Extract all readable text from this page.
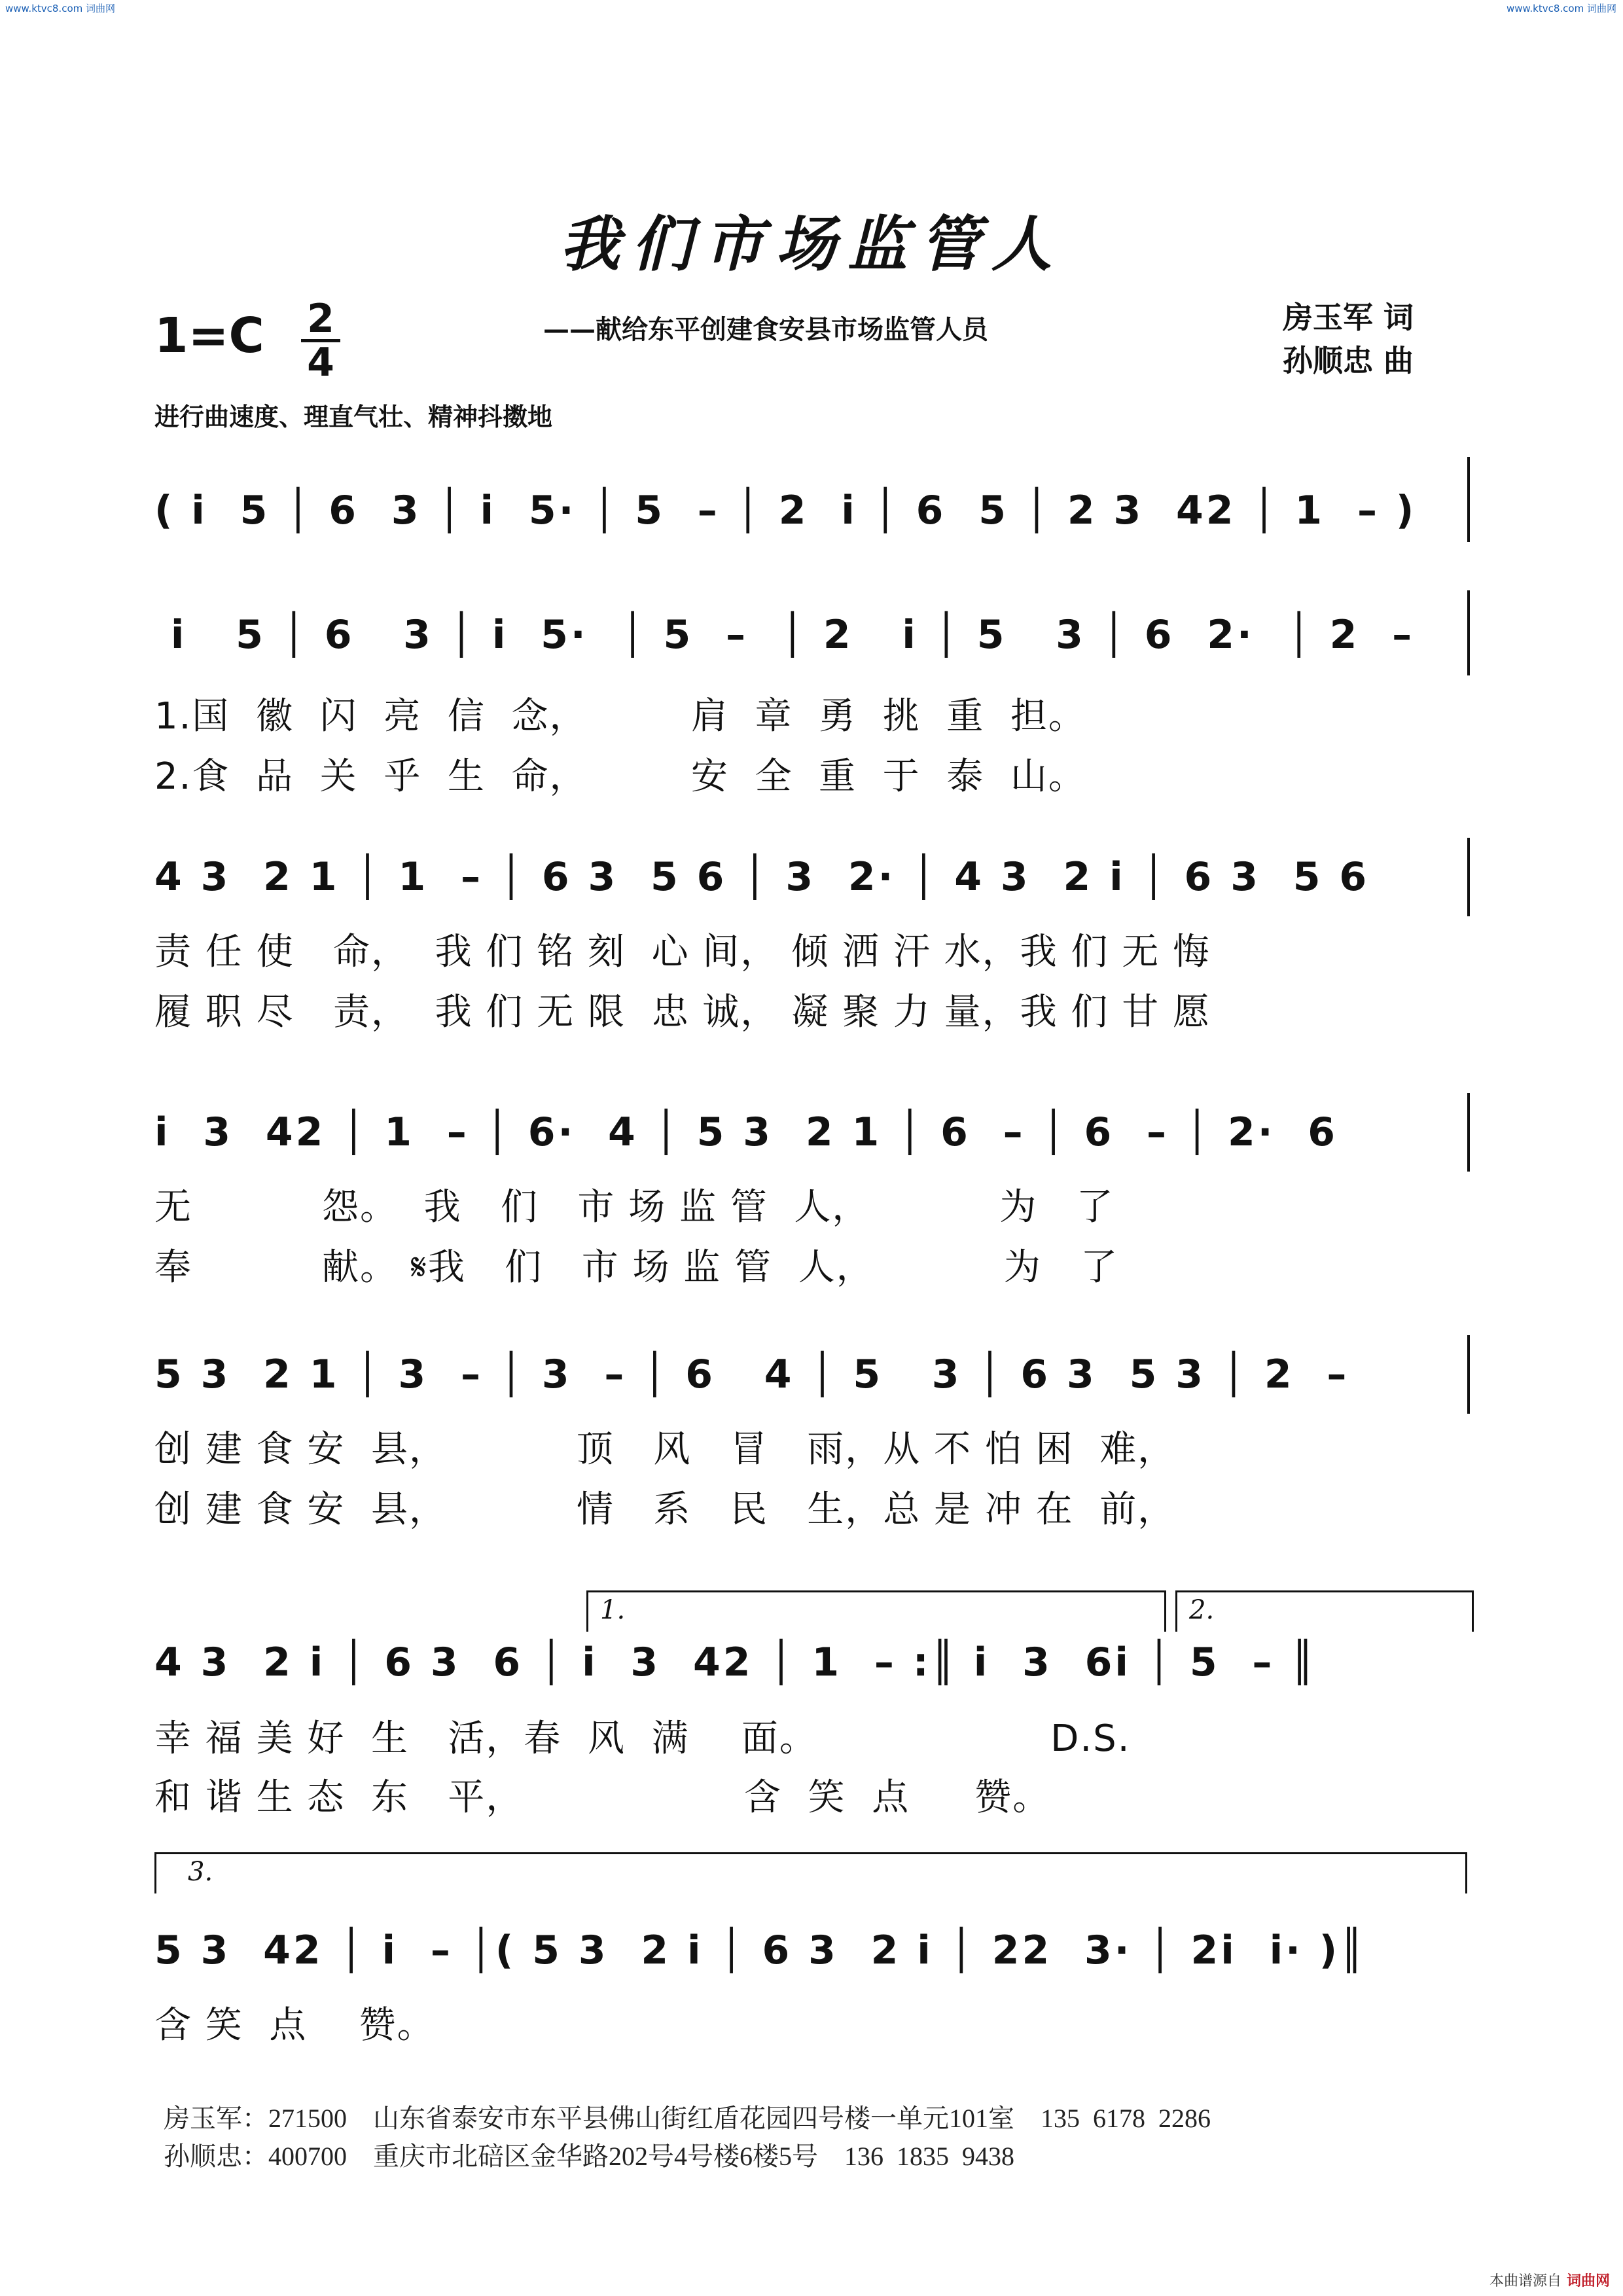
www.ktvc8.com 词曲网	www.ktvc8.com 词曲网
我们市场监管人
1=C 2
4
——献给东平创建食安县市场监管人员	房玉军 词
孙顺忠 曲
进行曲速度、理直气壮、精神抖擞地
( i  5 │ 6  3 │ i  5· │ 5  – │ 2  i │ 6  5 │ 2 3  42 │ 1  – )
i   5 │ 6   3 │ i  5·  │ 5  –  │ 2   i │ 5   3 │ 6  2·  │ 2  –
1.国  徽  闪  亮  信  念，        肩  章  勇  挑  重  担。
2.食  品  关  乎  生  命，        安  全  重  于  泰  山。
4 3  2 1 │ 1  – │ 6 3  5 6 │ 3  2· │ 4 3  2 i │ 6 3  5 6
责 任 使   命，  我 们 铭 刻  心 间， 倾 洒 汗 水，我 们 无 悔
履 职 尽   责，  我 们 无 限  忠 诚， 凝 聚 力 量，我 们 甘 愿
i  3  42 │ 1  – │ 6·  4 │ 5 3  2 1 │ 6  – │ 6  – │ 2·  6
无          怨。  我   们   市 场 监 管  人，          为   了
奉          献。 𝄋我   们   市 场 监 管  人，          为   了
5 3  2 1 │ 3  – │ 3  – │ 6   4 │ 5   3 │ 6 3  5 3 │ 2  –
创 建 食 安  县，          顶   风   冒   雨，从 不 怕 困  难，
创 建 食 安  县，          情   系   民   生，总 是 冲 在  前，
1.	2.
4 3  2 i │ 6 3  6 │ i  3  42 │ 1  – :║ i  3  6i │ 5  – ║
幸 福 美 好  生   活，春  风  满    面。                  D.S.
和 谐 生 态  东   平，                 含  笑  点     赞。
3.
5 3  42 │ i  – │( 5 3  2 i │ 6 3  2 i │ 22  3· │ 2i  i· )║
含 笑  点    赞。
房玉军：271500    山东省泰安市东平县佛山街红盾花园四号楼一单元101室    135  6178  2286
孙顺忠：400700    重庆市北碚区金华路202号4号楼6楼5号    136  1835  9438
本曲谱源自 词曲网
